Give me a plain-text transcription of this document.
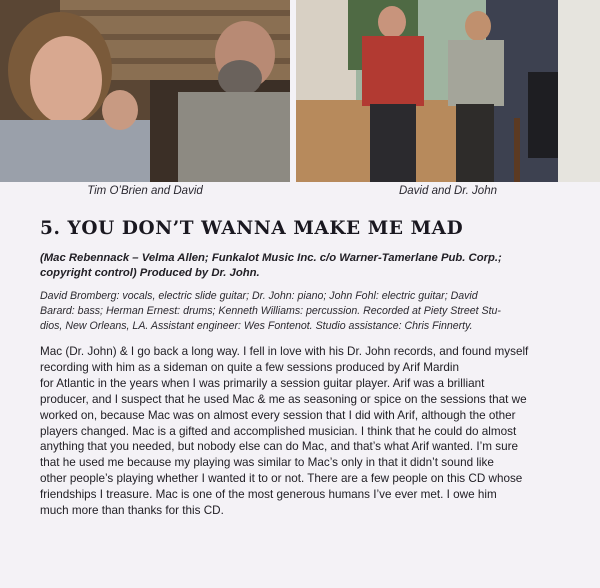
Tim O’Brien and David	David and Dr. John
5. YOU DON’T WANNA MAKE ME MAD
(Mac Rebennack – Velma Allen; Funkalot Music Inc. c/o Warner-Tamerlane Pub. Corp.;
copyright control) Produced by Dr. John.
David Bromberg: vocals, electric slide guitar; Dr. John: piano; John Fohl: electric guitar; David
Barard: bass; Herman Ernest: drums; Kenneth Williams: percussion. Recorded at Piety Street Stu-
dios, New Orleans, LA. Assistant engineer: Wes Fontenot. Studio assistance: Chris Finnerty.
Mac (Dr. John) & I go back a long way. I fell in love with his Dr. John records, and found myself
recording with him as a sideman on quite a few sessions produced by Arif Mardin
for Atlantic in the years when I was primarily a session guitar player. Arif was a brilliant
producer, and I suspect that he used Mac & me as seasoning or spice on the sessions that we
worked on, because Mac was on almost every session that I did with Arif, although the other
players changed. Mac is a gifted and accomplished musician. I think that he could do almost
anything that you needed, but nobody else can do Mac, and that’s what Arif wanted. I’m sure
that he used me because my playing was similar to Mac’s only in that it didn’t sound like
other people’s playing whether I wanted it to or not. There are a few people on this CD whose
friendships I treasure. Mac is one of the most generous humans I’ve ever met. I owe him
much more than thanks for this CD.
